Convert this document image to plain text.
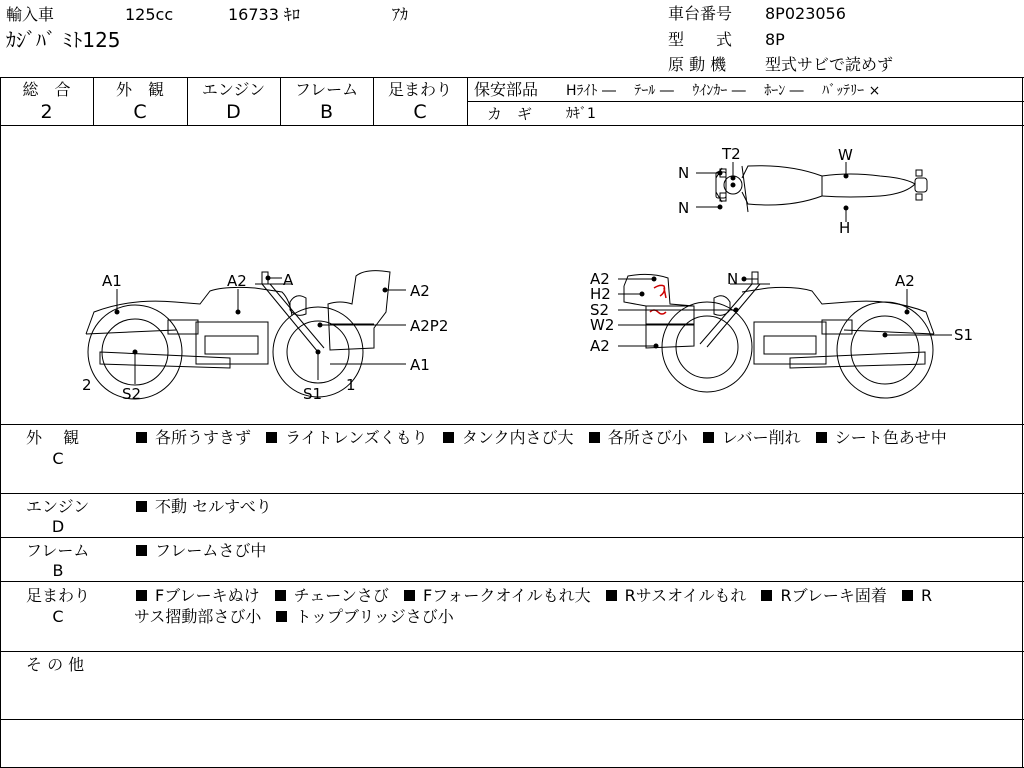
輸入車	125cc	16733 ｷﾛ	ｱｶ
ｶｼﾞﾊﾞ ﾐﾄ125
車台番号 8P023056
型　　式 8P
原 動 機 型式サビで読めず
総　合
2
外　観
C
エンジン
D
フレーム
B
足まわり
C
保安部品 Hﾗｲﾄ ―　 ﾃｰﾙ ―　 ｳｲﾝｶｰ ―　 ﾎｰﾝ ―　 ﾊﾞｯﾃﾘｰ ×
カ　ギ ｶｷﾞ1
T2
N
N
W
H
A1	A2 A
A2
A2P2
A1
2	1
S2	S1
A2
H2
S2
W2
A2
N	A2
S1
外　 観
C
各所うすきず ライトレンズくもり タンク内さび大 各所さび小 レバー削れ シート色あせ中
エンジン
D
不動 セルすべり
フレーム
B
フレームさび中
足まわり
C
Fブレーキぬけ チェーンさび Fフォークオイルもれ大 Rサスオイルもれ Rブレーキ固着 R
サス摺動部さび小 トップブリッジさび小
そ の 他
